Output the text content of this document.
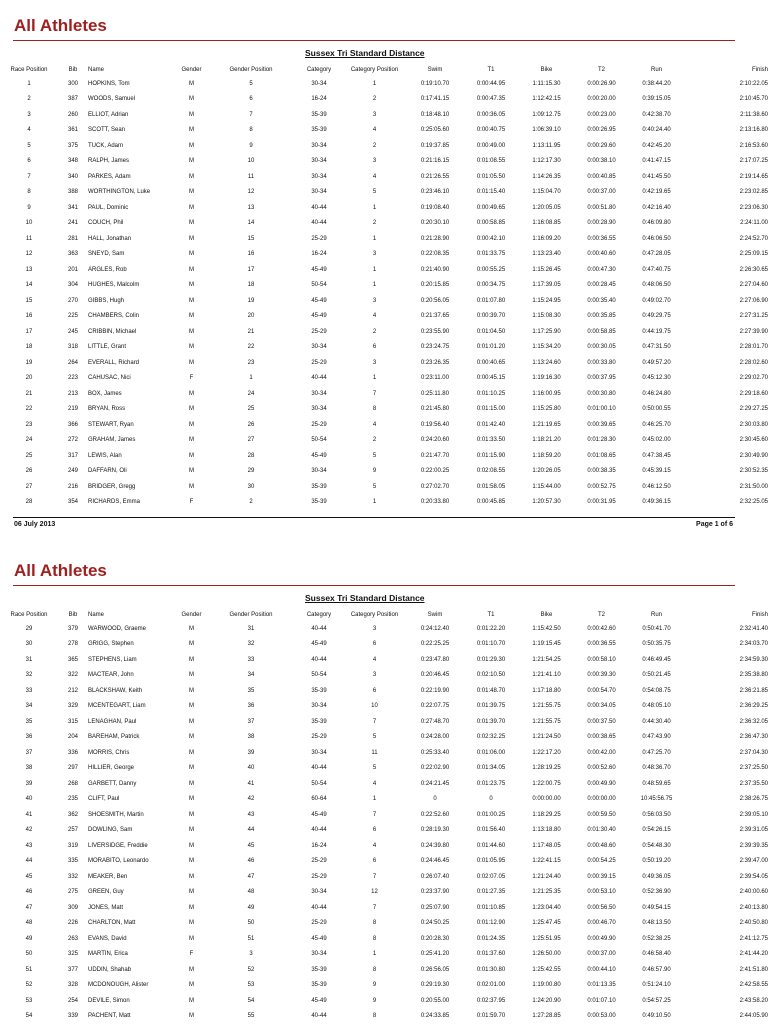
All Athletes
Sussex Tri Standard Distance
Race Position	Bib	Name	Gender	Gender Position	Category	Category Position	Swim	T1	Bike	T2	Run	Finish
1	300	HOPKINS, Tom	M	5	30-34	1	0:19:10.70	0:00:44.95	1:11:15.30	0:00:26.90	0:38:44.20	2:10:22.05
2	387	WOODS, Samuel	M	6	16-24	2	0:17:41.15	0:00:47.35	1:12:42.15	0:00:20.00	0:39:15.05	2:10:45.70
3	260	ELLIOT, Adrian	M	7	35-39	3	0:18:48.10	0:00:36.05	1:09:12.75	0:00:23.00	0:42:38.70	2:11:38.60
4	361	SCOTT, Sean	M	8	35-39	4	0:25:05.60	0:00:40.75	1:06:39.10	0:00:26.95	0:40:24.40	2:13:16.80
5	375	TUCK, Adam	M	9	30-34	2	0:19:37.85	0:00:49.00	1:13:11.95	0:00:29.60	0:42:45.20	2:16:53.60
6	348	RALPH, James	M	10	30-34	3	0:21:16.15	0:01:08.55	1:12:17.30	0:00:38.10	0:41:47.15	2:17:07.25
7	340	PARKES, Adam	M	11	30-34	4	0:21:26.55	0:01:05.50	1:14:26.35	0:00:40.85	0:41:45.50	2:19:14.65
8	388	WORTHINGTON, Luke	M	12	30-34	5	0:23:46.10	0:01:15.40	1:15:04.70	0:00:37.00	0:42:19.65	2:23:02.85
9	341	PAUL, Dominic	M	13	40-44	1	0:19:08.40	0:00:49.65	1:20:05.05	0:00:51.80	0:42:16.40	2:23:06.30
10	241	COUCH, Phil	M	14	40-44	2	0:20:30.10	0:00:58.85	1:16:08.85	0:00:28.90	0:46:09.80	2:24:11.00
11	281	HALL, Jonathan	M	15	25-29	1	0:21:28.90	0:00:42.10	1:16:09.20	0:00:36.55	0:46:06.50	2:24:52.70
12	363	SNEYD, Sam	M	16	16-24	3	0:22:08.35	0:01:33.75	1:13:23.40	0:00:40.60	0:47:28.05	2:25:09.15
13	201	ARGLES, Rob	M	17	45-49	1	0:21:40.90	0:00:55.25	1:15:26.45	0:00:47.30	0:47:40.75	2:26:30.65
14	304	HUGHES, Malcolm	M	18	50-54	1	0:20:15.85	0:00:34.75	1:17:39.05	0:00:28.45	0:48:06.50	2:27:04.60
15	270	GIBBS, Hugh	M	19	45-49	3	0:20:56.05	0:01:07.80	1:15:24.95	0:00:35.40	0:49:02.70	2:27:06.90
16	225	CHAMBERS, Colin	M	20	45-49	4	0:21:37.65	0:00:39.70	1:15:08.30	0:00:35.85	0:49:29.75	2:27:31.25
17	245	CRIBBIN, Michael	M	21	25-29	2	0:23:55.90	0:01:04.50	1:17:25.90	0:00:58.85	0:44:19.75	2:27:39.90
18	318	LITTLE, Grant	M	22	30-34	6	0:23:24.75	0:01:01.20	1:15:34.20	0:00:30.05	0:47:31.50	2:28:01.70
19	264	EVERALL, Richard	M	23	25-29	3	0:23:26.35	0:00:40.65	1:13:24.60	0:00:33.80	0:49:57.20	2:28:02.60
20	223	CAHUSAC, Nici	F	1	40-44	1	0:23:11.00	0:00:45.15	1:19:16.30	0:00:37.95	0:45:12.30	2:29:02.70
21	213	BOX, James	M	24	30-34	7	0:25:11.80	0:01:10.25	1:16:00.95	0:00:30.80	0:46:24.80	2:29:18.60
22	219	BRYAN, Ross	M	25	30-34	8	0:21:45.80	0:01:15.00	1:15:25.80	0:01:00.10	0:50:00.55	2:29:27.25
23	366	STEWART, Ryan	M	26	25-29	4	0:19:56.40	0:01:42.40	1:21:19.65	0:00:39.65	0:46:25.70	2:30:03.80
24	272	GRAHAM, James	M	27	50-54	2	0:24:20.60	0:01:33.50	1:18:21.20	0:01:28.30	0:45:02.00	2:30:45.60
25	317	LEWIS, Alan	M	28	45-49	5	0:21:47.70	0:01:15.90	1:18:59.20	0:01:08.65	0:47:38.45	2:30:49.90
26	249	DAFFARN, Oli	M	29	30-34	9	0:22:00.25	0:02:08.55	1:20:26.05	0:00:38.35	0:45:39.15	2:30:52.35
27	216	BRIDGER, Gregg	M	30	35-39	5	0:27:02.70	0:01:58.05	1:15:44.00	0:00:52.75	0:46:12.50	2:31:50.00
28	354	RICHARDS, Emma	F	2	35-39	1	0:20:33.80	0:00:45.85	1:20:57.30	0:00:31.95	0:49:36.15	2:32:25.05
06 July 2013	Page 1 of 6
All Athletes
Sussex Tri Standard Distance
Race Position	Bib	Name	Gender	Gender Position	Category	Category Position	Swim	T1	Bike	T2	Run	Finish
29	379	WARWOOD, Graeme	M	31	40-44	3	0:24:12.40	0:01:22.20	1:15:42.50	0:00:42.60	0:50:41.70	2:32:41.40
30	278	GRIGG, Stephen	M	32	45-49	6	0:22:25.25	0:01:10.70	1:19:15.45	0:00:36.55	0:50:35.75	2:34:03.70
31	365	STEPHENS, Liam	M	33	40-44	4	0:23:47.80	0:01:29.30	1:21:54.25	0:00:58.10	0:46:49.45	2:34:59.30
32	322	MACTEAR, John	M	34	50-54	3	0:20:46.45	0:02:10.50	1:21:41.10	0:00:39.30	0:50:21.45	2:35:38.80
33	212	BLACKSHAW, Keith	M	35	35-39	6	0:22:19.90	0:01:48.70	1:17:18.80	0:00:54.70	0:54:08.75	2:36:21.85
34	329	MCENTEGART, Liam	M	36	30-34	10	0:22:07.75	0:01:39.75	1:21:55.75	0:00:34.05	0:48:05.10	2:36:29.25
35	315	LENAGHAN, Paul	M	37	35-39	7	0:27:48.70	0:01:39.70	1:21:55.75	0:00:37.50	0:44:30.40	2:36:32.05
36	204	BAREHAM, Patrick	M	38	25-29	5	0:24:28.00	0:02:32.25	1:21:24.50	0:00:38.65	0:47:43.90	2:36:47.30
37	336	MORRIS, Chris	M	39	30-34	11	0:25:33.40	0:01:06.00	1:22:17.20	0:00:42.00	0:47:25.70	2:37:04.30
38	297	HILLIER, George	M	40	40-44	5	0:22:02.90	0:01:34.05	1:28:19.25	0:00:52.60	0:48:36.70	2:37:25.50
39	268	GARBETT, Danny	M	41	50-54	4	0:24:21.45	0:01:23.75	1:22:00.75	0:00:49.90	0:48:59.65	2:37:35.50
40	235	CLIFT, Paul	M	42	60-64	1	0	0	0:00:00.00	0:00:00.00	10:45:56.75	2:38:26.75
41	362	SHOESMITH, Martin	M	43	45-49	7	0:22:52.60	0:01:00.25	1:18:29.25	0:00:59.50	0:56:03.50	2:39:05.10
42	257	DOWLING, Sam	M	44	40-44	6	0:28:19.30	0:01:56.40	1:13:18.80	0:01:30.40	0:54:26.15	2:39:31.05
43	319	LIVERSIDGE, Freddie	M	45	16-24	4	0:24:39.80	0:01:44.60	1:17:48.05	0:00:48.60	0:54:48.30	2:39:39.35
44	335	MORABITO, Leonardo	M	46	25-29	6	0:24:46.45	0:01:05.95	1:22:41.15	0:00:54.25	0:50:19.20	2:39:47.00
45	332	MEAKER, Ben	M	47	25-29	7	0:26:07.40	0:02:07.05	1:21:24.40	0:00:39.15	0:49:36.05	2:39:54.05
46	275	GREEN, Guy	M	48	30-34	12	0:23:37.90	0:01:27.35	1:21:25.35	0:00:53.10	0:52:36.90	2:40:00.60
47	309	JONES, Matt	M	49	40-44	7	0:25:07.90	0:01:10.85	1:23:04.40	0:00:56.50	0:49:54.15	2:40:13.80
48	226	CHARLTON, Matt	M	50	25-29	8	0:24:50.25	0:01:12.90	1:25:47.45	0:00:46.70	0:48:13.50	2:40:50.80
49	263	EVANS, David	M	51	45-49	8	0:20:28.30	0:01:24.35	1:25:51.95	0:00:49.90	0:52:38.25	2:41:12.75
50	325	MARTIN, Erica	F	3	30-34	1	0:25:41.20	0:01:37.60	1:26:50.00	0:00:37.00	0:46:58.40	2:41:44.20
51	377	UDDIN, Shahab	M	52	35-39	8	0:26:56.05	0:01:30.80	1:25:42.55	0:00:44.10	0:46:57.90	2:41:51.80
52	328	MCDONOUGH, Alister	M	53	35-39	9	0:29:19.30	0:02:01.00	1:19:00.80	0:01:13.35	0:51:24.10	2:42:58.55
53	254	DEVILE, Simon	M	54	45-49	9	0:20:55.00	0:02:37.95	1:24:20.90	0:01:07.10	0:54:57.25	2:43:58.20
54	339	PACHENT, Matt	M	55	40-44	8	0:24:33.85	0:01:59.70	1:27:28.85	0:00:53.00	0:49:10.50	2:44:05.90
